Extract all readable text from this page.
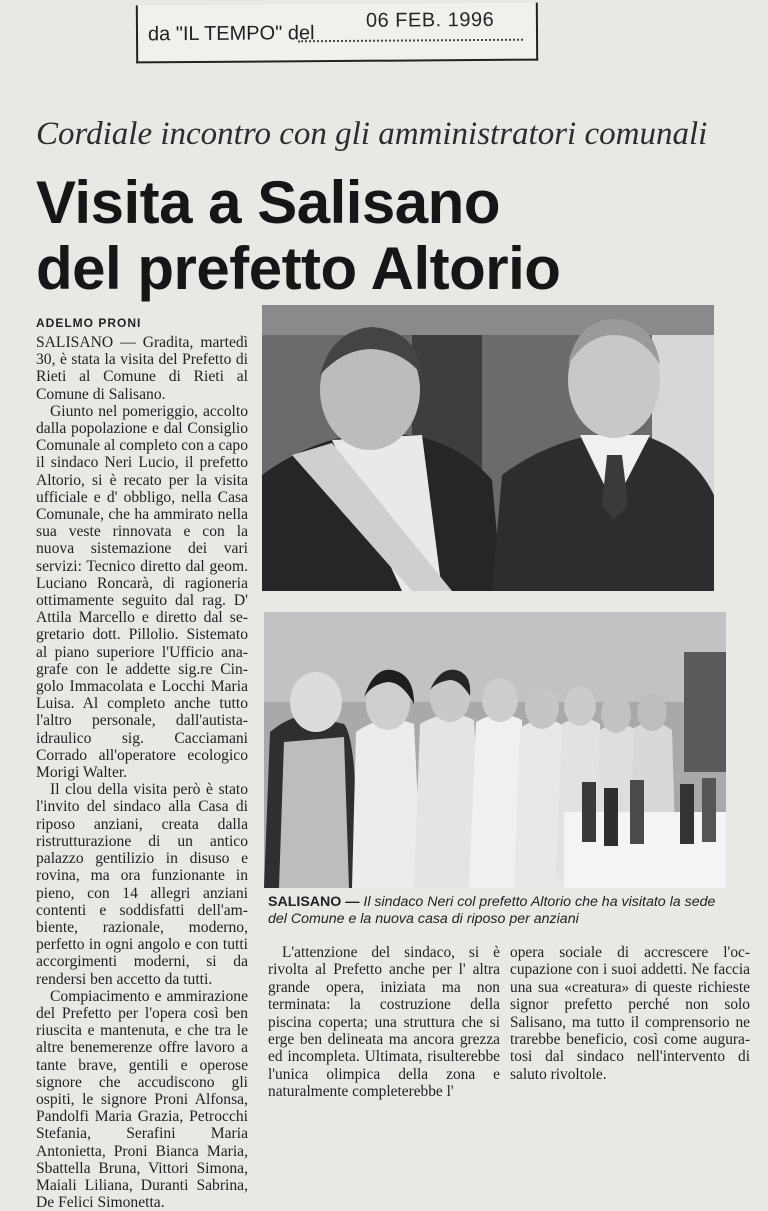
da "IL TEMPO" del
06 FEB. 1996
Cordiale incontro con gli amministratori comunali
Visita a Salisano
del prefetto Altorio
ADELMO PRONI

SALISANO — Gradita, martedì 30, è stata la visita del Prefetto di Rieti al Comune di Rieti al Comune di Salisano.

Giunto nel pomeriggio, accolto dalla popolazione e dal Consiglio Comunale al completo con a capo il sindaco Neri Lucio, il prefetto Altorio, si è recato per la visita ufficiale e d' obbligo, nella Casa Comunale, che ha ammirato nella sua veste rinnovata e con la nuova sistemazione dei vari servizi: Tecnico diretto dal geom. Luciano Roncarà, di ragioneria ottimamente seguito dal rag. D' Attila Marcello e diretto dal segretario dott. Pillolio. Sistemato al piano superiore l'Ufficio anagrafe con le addette sig.re Cingolo Immacolata e Locchi Maria Luisa. Al completo anche tutto l'altro personale, dall'autista-idraulico sig. Cacciamani Corrado all'operatore ecologico Morigi Walter.

Il clou della visita però è stato l'invito del sindaco alla Casa di riposo anziani, creata dalla ristrutturazione di un antico palazzo gentilizio in disuso e rovina, ma ora funzionante in pieno, con 14 allegri anziani contenti e soddisfatti dell'ambiente, razionale, moderno, perfetto in ogni angolo e con tutti accorgimenti moderni, si da rendersi ben accetto da tutti.

Compiacimento e ammirazione del Prefetto per l'opera così ben riuscita e mantenuta, e che tra le altre benemerenze offre lavoro a tante brave, gentili e operose signore che accudiscono gli ospiti, le signore Proni Alfonsa, Pandolfi Maria Grazia, Petrocchi Stefania, Serafini Maria Antonietta, Proni Bianca Maria, Sbattella Bruna, Vittori Simona, Maiali Liliana, Duranti Sabrina, De Felici Simonetta.

SALISANO — Il sindaco Neri col prefetto Altorio che ha visitato la sede del Comune e la nuova casa di riposo per anziani

L'attenzione del sindaco, si è rivolta al Prefetto anche per l' altra grande opera, iniziata ma non terminata: la costruzione della piscina coperta; una struttura che si erge ben delineata ma ancora grezza ed incompleta. Ultimata, risulterebbe l'unica olimpica della zona e naturalmente completerebbe l'

opera sociale di accrescere l'occupazione con i suoi addetti. Ne faccia una sua «creatura» di queste richieste signor prefetto perché non solo Salisano, ma tutto il comprensorio ne trarebbe beneficio, così come auguratosi dal sindaco nell'intervento di saluto rivoltole.
